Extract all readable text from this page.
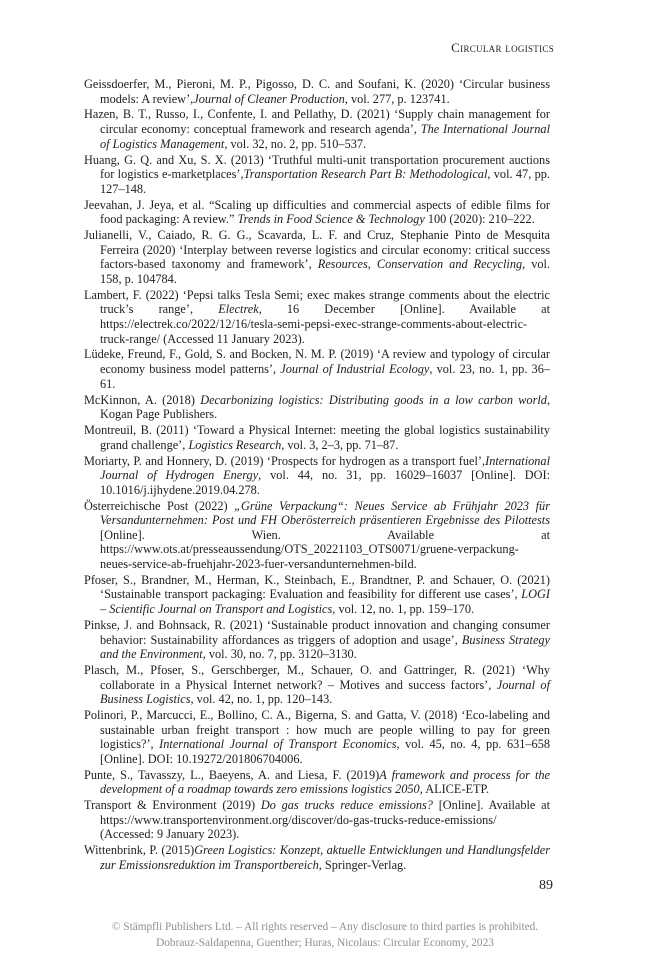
Circular logistics

Geissdoerfer, M., Pieroni, M. P., Pigosso, D. C. and Soufani, K. (2020) ‘Circular business models: A review’,Journal of Cleaner Production, vol. 277, p. 123741.

Hazen, B. T., Russo, I., Confente, I. and Pellathy, D. (2021) ‘Supply chain management for circular economy: conceptual framework and research agenda’, The International Journal of Logistics Management, vol. 32, no. 2, pp. 510–537.

Huang, G. Q. and Xu, S. X. (2013) ‘Truthful multi-unit transportation procurement auctions for logistics e-marketplaces’,Transportation Research Part B: Methodological, vol. 47, pp. 127–148.

Jeevahan, J. Jeya, et al. “Scaling up difficulties and commercial aspects of edible films for food packaging: A review.” Trends in Food Science & Technology 100 (2020): 210–222.

Julianelli, V., Caiado, R. G. G., Scavarda, L. F. and Cruz, Stephanie Pinto de Mesquita Ferreira (2020) ‘Interplay between reverse logistics and circular economy: critical success factors-based taxonomy and framework’, Resources, Conservation and Recycling, vol. 158, p. 104784.

Lambert, F. (2022) ‘Pepsi talks Tesla Semi; exec makes strange comments about the electric truck’s range’, Electrek, 16 December [Online]. Available at https://electrek.co/2022/12/16/tesla-semi-pepsi-exec-strange-comments-about-electric-truck-range/ (Accessed 11 January 2023).

Lüdeke, Freund, F., Gold, S. and Bocken, N. M. P. (2019) ‘A review and typology of circular economy business model patterns’, Journal of Industrial Ecology, vol. 23, no. 1, pp. 36–61.

McKinnon, A. (2018) Decarbonizing logistics: Distributing goods in a low carbon world, Kogan Page Publishers.

Montreuil, B. (2011) ‘Toward a Physical Internet: meeting the global logistics sustainability grand challenge’, Logistics Research, vol. 3, 2–3, pp. 71–87.

Moriarty, P. and Honnery, D. (2019) ‘Prospects for hydrogen as a transport fuel’,International Journal of Hydrogen Energy, vol. 44, no. 31, pp. 16029–16037 [Online]. DOI: 10.1016/j.ijhydene.2019.04.278.

Österreichische Post (2022) „Grüne Verpackung“: Neues Service ab Frühjahr 2023 für Versandunternehmen: Post und FH Oberösterreich präsentieren Ergebnisse des Pilottests [Online]. Wien. Available at https://www.ots.at/presseaussendung/OTS_20221103_OTS0071/gruene-verpackung-neues-service-ab-fruehjahr-2023-fuer-versandunternehmen-bild.

Pfoser, S., Brandner, M., Herman, K., Steinbach, E., Brandtner, P. and Schauer, O. (2021) ‘Sustainable transport packaging: Evaluation and feasibility for different use cases’, LOGI – Scientific Journal on Transport and Logistics, vol. 12, no. 1, pp. 159–170.

Pinkse, J. and Bohnsack, R. (2021) ‘Sustainable product innovation and changing consumer behavior: Sustainability affordances as triggers of adoption and usage’, Business Strategy and the Environment, vol. 30, no. 7, pp. 3120–3130.

Plasch, M., Pfoser, S., Gerschberger, M., Schauer, O. and Gattringer, R. (2021) ‘Why collaborate in a Physical Internet network? – Motives and success factors’, Journal of Business Logistics, vol. 42, no. 1, pp. 120–143.

Polinori, P., Marcucci, E., Bollino, C. A., Bigerna, S. and Gatta, V. (2018) ‘Eco-labeling and sustainable urban freight transport : how much are people willing to pay for green logistics?’, International Journal of Transport Economics, vol. 45, no. 4, pp. 631–658 [Online]. DOI: 10.19272/201806704006.

Punte, S., Tavasszy, L., Baeyens, A. and Liesa, F. (2019)A framework and process for the development of a roadmap towards zero emissions logistics 2050, ALICE-ETP.

Transport & Environment (2019) Do gas trucks reduce emissions? [Online]. Available at https://www.transportenvironment.org/discover/do-gas-trucks-reduce-emissions/ (Accessed: 9 January 2023).

Wittenbrink, P. (2015)Green Logistics: Konzept, aktuelle Entwicklungen und Handlungsfelder zur Emissionsreduktion im Transportbereich, Springer-Verlag.

89
© Stämpfli Publishers Ltd. – All rights reserved – Any disclosure to third parties is prohibited.
Dobrauz-Saldapenna, Guenther; Huras, Nicolaus: Circular Economy, 2023
